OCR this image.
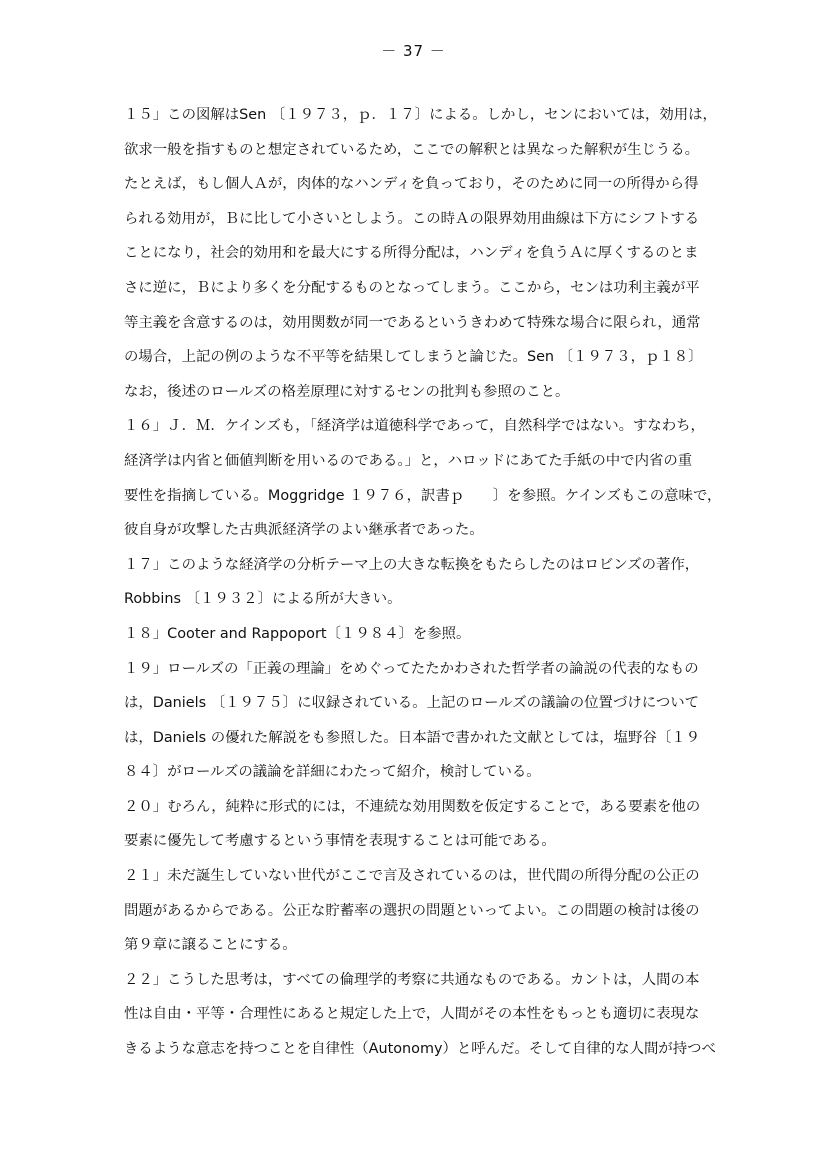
－ 37 －
１５」この図解はSen 〔１９７３，ｐ．１７〕による。しかし，センにおいては，効用は，
欲求一般を指すものと想定されているため，ここでの解釈とは異なった解釈が生じうる。
たとえば，もし個人Ａが，肉体的なハンディを負っており，そのために同一の所得から得
られる効用が，Ｂに比して小さいとしよう。この時Ａの限界効用曲線は下方にシフトする
ことになり，社会的効用和を最大にする所得分配は，ハンディを負うＡに厚くするのとま
さに逆に，Ｂにより多くを分配するものとなってしまう。ここから，センは功利主義が平
等主義を含意するのは，効用関数が同一であるというきわめて特殊な場合に限られ，通常
の場合，上記の例のような不平等を結果してしまうと論じた。Sen 〔１９７３，ｐ１８〕
なお，後述のロールズの格差原理に対するセンの批判も参照のこと。
１６」Ｊ．Ｍ．ケインズも，「経済学は道徳科学であって，自然科学ではない。すなわち，
経済学は内省と価値判断を用いるのである。」と，ハロッドにあてた手紙の中で内省の重
要性を指摘している。Moggridge １９７６，訳書ｐ　　〕を参照。ケインズもこの意味で，
彼自身が攻撃した古典派経済学のよい継承者であった。
１７」このような経済学の分析テーマ上の大きな転換をもたらしたのはロビンズの著作，
Robbins 〔１９３２〕による所が大きい。
１８」Cooter and Rappoport〔１９８４〕を参照。
１９」ロールズの「正義の理論」をめぐってたたかわされた哲学者の論説の代表的なもの
は，Daniels 〔１９７５〕に収録されている。上記のロールズの議論の位置づけについて
は，Daniels の優れた解説をも参照した。日本語で書かれた文献としては，塩野谷〔１９
８４〕がロールズの議論を詳細にわたって紹介，検討している。
２０」むろん，純粋に形式的には，不連続な効用関数を仮定することで，ある要素を他の
要素に優先して考慮するという事情を表現することは可能である。
２１」未だ誕生していない世代がここで言及されているのは，世代間の所得分配の公正の
問題があるからである。公正な貯蓄率の選択の問題といってよい。この問題の検討は後の
第９章に譲ることにする。
２２」こうした思考は，すべての倫理学的考察に共通なものである。カントは，人間の本
性は自由・平等・合理性にあると規定した上で，人間がその本性をもっとも適切に表現な
きるような意志を持つことを自律性（Autonomy）と呼んだ。そして自律的な人間が持つべ
